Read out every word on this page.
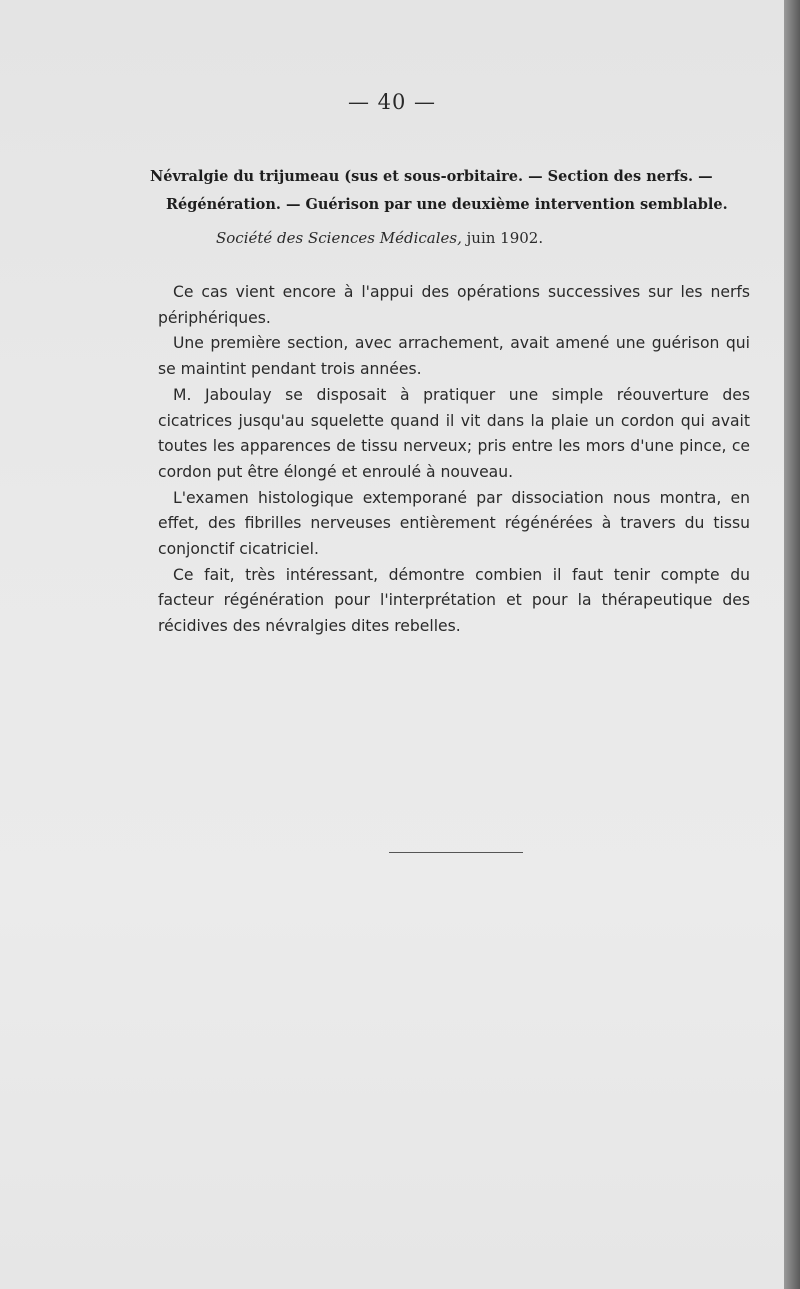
— 40 —
Névralgie du trijumeau (sus et sous-orbitaire. — Section des nerfs. —
Régénération. — Guérison par une deuxième intervention semblable.
Société des Sciences Médicales, juin 1902.

Ce cas vient encore à l'appui des opérations successives sur les nerfs périphériques.

Une première section, avec arrachement, avait amené une guérison qui se maintint pendant trois années.

M. Jaboulay se disposait à pratiquer une simple réouverture des cicatrices jusqu'au squelette quand il vit dans la plaie un cordon qui avait toutes les apparences de tissu nerveux; pris entre les mors d'une pince, ce cordon put être élongé et enroulé à nouveau.

L'examen histologique extemporané par dissociation nous montra, en effet, des fibrilles nerveuses entièrement régénérées à travers du tissu conjonctif cicatriciel.

Ce fait, très intéressant, démontre combien il faut tenir compte du facteur régénération pour l'interprétation et pour la thérapeutique des récidives des névralgies dites rebelles.
